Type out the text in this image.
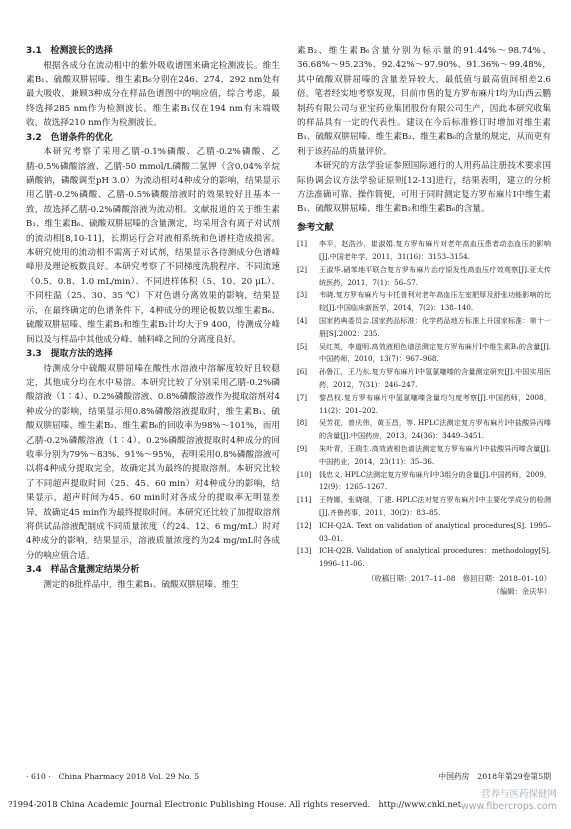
3.1　检测波长的选择

根据各成分在流动相中的紫外吸收谱图来确定检测波长。维生素B₁、硫酸双肼屈嗪、维生素B₆分别在246、274、292 nm处有最大吸收，兼顾3种成分在样品色谱图中的响应值，综合考虑，最终选择285 nm作为检测波长。维生素B₁仅在194 nm有末端吸收，故选择210 nm作为检测波长。

3.2　色谱条件的优化

本研究考察了采用乙腈-0.1%磷酸、乙腈-0.2%磷酸、乙腈-0.5%磷酸溶液、乙腈-50 mmol/L磷酸二氢钾（含0.04%辛烷磺酸钠，磷酸调至pH 3.0）为流动相对4种成分的影响，结果显示用乙腈-0.2%磷酸、乙腈-0.5%磷酸溶液时的效果较好且基本一致，故选择乙腈-0.2%磷酸溶液为流动相。文献报道的关于维生素B₁、维生素B₆、硫酸双肼屈嗪的含量测定，均采用含有离子对试剂的流动相[8,10-11]，长期运行会对液相系统和色谱柱造成损害。本研究使用的流动相不需离子对试剂，结果显示各待测成分色谱峰峰形及理论板数良好。本研究考察了不同梯度洗脱程序、不同流速（0.5、0.8、1.0 mL/min）、不同进样体积（5、10、20 μL）、不同柱温（25、30、35 ℃）下对色谱分离效果的影响，结果显示，在最终确定的色谱条件下，4种成分的理论板数以维生素B₆、硫酸双肼屈嗪、维生素B₁和维生素B₂计均大于9 400，待测成分峰间以及与样品中其他成分峰、辅料峰之间的分离度良好。

3.3　提取方法的选择

待测成分中硫酸双肼屈嗪在酸性水溶液中溶解度较好且较稳定，其他成分均在水中易溶。本研究比较了分别采用乙腈-0.2%磷酸溶液（1∶4）、0.2%磷酸溶液、0.8%磷酸溶液作为提取溶剂对4种成分的影响，结果显示用0.8%磷酸溶液提取时，维生素B₁、硫酸双肼屈嗪、维生素B₂、维生素B₆的回收率为98%～101%，而用乙腈-0.2%磷酸溶液（1∶4）、0.2%磷酸溶液提取时4种成分的回收率分别为79%～83%、91%～95%，表明采用0.8%磷酸溶液可以将4种成分提取完全，故确定其为最终的提取溶剂。本研究比较了不同超声提取时间（25、45、60 min）对4种成分的影响，结果显示，超声时间为45、60 min时对各成分的提取率无明显差异，故确定45 min作为最终提取时间。本研究还比较了加提取溶剂将供试品溶液配制成不同质量浓度（约24、12、6 mg/mL）时对4种成分的影响，结果显示，溶液质量浓度约为24 mg/mL时各成分的响应值合适。

3.4　样品含量测定结果分析

测定的8批样品中，维生素B₁、硫酸双肼屈嗪、维生

素B₂、维生素B₆含量分别为标示量的91.44%～98.74%、36.68%～95.23%、92.42%～97.90%、91.36%～99.48%，其中硫酸双肼屈嗪的含量差异较大，最低值与最高值间相差2.6倍。笔者经实地考察发现，目前市售的复方罗布麻片Ⅰ均为山西云鹏制药有限公司与亚宝药业集团股份有限公司生产，因此本研究收集的样品具有一定的代表性。建议在今后标准修订时增加对维生素B₁、硫酸双肼屈嗪、维生素B₂、维生素B₆的含量的规定，从而更有利于该药品的质量评价。

本研究的方法学验证参照国际通行的人用药品注册技术要求国际协调会议方法学验证原则[12-13]进行，结果表明，建立的分析方法准确可靠、操作简便，可用于同时测定复方罗布麻片Ⅰ中维生素B₁、硫酸双肼屈嗪、维生素B₂和维生素B₆的含量。

参考文献
[1]	李平，赵浩沙，崔淑娟.复方罗布麻片对老年高血压患者动态血压的影响[J].中国老年学，2011，31(16)：3153–3154.
[2]	王淑华.硝苯地平联合复方罗布麻片治疗原发性高血压疗效观察[J].亚太传统医药，2011，7(1)：56–57.
[3]	韦晓.复方罗布麻片与卡托普利对老年高血压左室肥厚及舒张功能影响的比较[J].中国临床新医学，2014，7(2)：138–140.
[4]	国家药典委员会.国家药品标准：化学药品地方标准上升国家标准：第十一册[S].2002：235.
[5]	吴红英，李道明.高效液相色谱法测定复方罗布麻片Ⅰ中维生素B₁的含量[J].中国药师，2010，13(7)：967–968.
[6]	孙鲁江，王乃东.复方罗布麻片Ⅰ中氢氯噻嗪的含量测定研究[J].中国实用医药，2012，7(31)：246–247.
[7]	黎昌权.复方罗布麻片中氢氯噻嗪含量均匀度考察[J].中国药师，2008，11(2)：201–202.
[8]	吴芳花，曾庆伟，黄玉昌，等. HPLC法测定复方罗布麻片Ⅰ中盐酸异丙嗪的含量[J].中国药房，2013，24(36)：3449–3451.
[9]	朱叶青，王瑞生.高效液相色谱法测定复方罗布麻片Ⅰ中盐酸异丙嗪含量[J].中国药业，2014，23(11)：35–36.
[10]	钱忠义. HPLC法测定复方罗布麻片Ⅰ中3组分的含量[J].中国药师，2009，12(9)：1265–1267.
[11]	王特娜，张晓瑞，丁建. HPLC法对复方罗布麻片Ⅰ中主要化学成分的检测[J].齐鲁药事，2011，30(2)：83–85.
[12]	ICH-Q2A. Text on validation of analytical procedures[S]. 1995–03–01.
[13]	ICH-Q2B. Validation of analytical procedures：methodology[S]. 1996–11–06.
（收稿日期：2017–11–08　修回日期：2018–01–10）
（编辑：余庆华）
· 610 ·　China Pharmacy 2018 Vol. 29 No. 5	中国药房　2018年第29卷第5期
?1994-2018 China Academic Journal Electronic Publishing House. All rights reserved.　http://www.cnki.net
营养与医药保健网
www.fibercrops.com
